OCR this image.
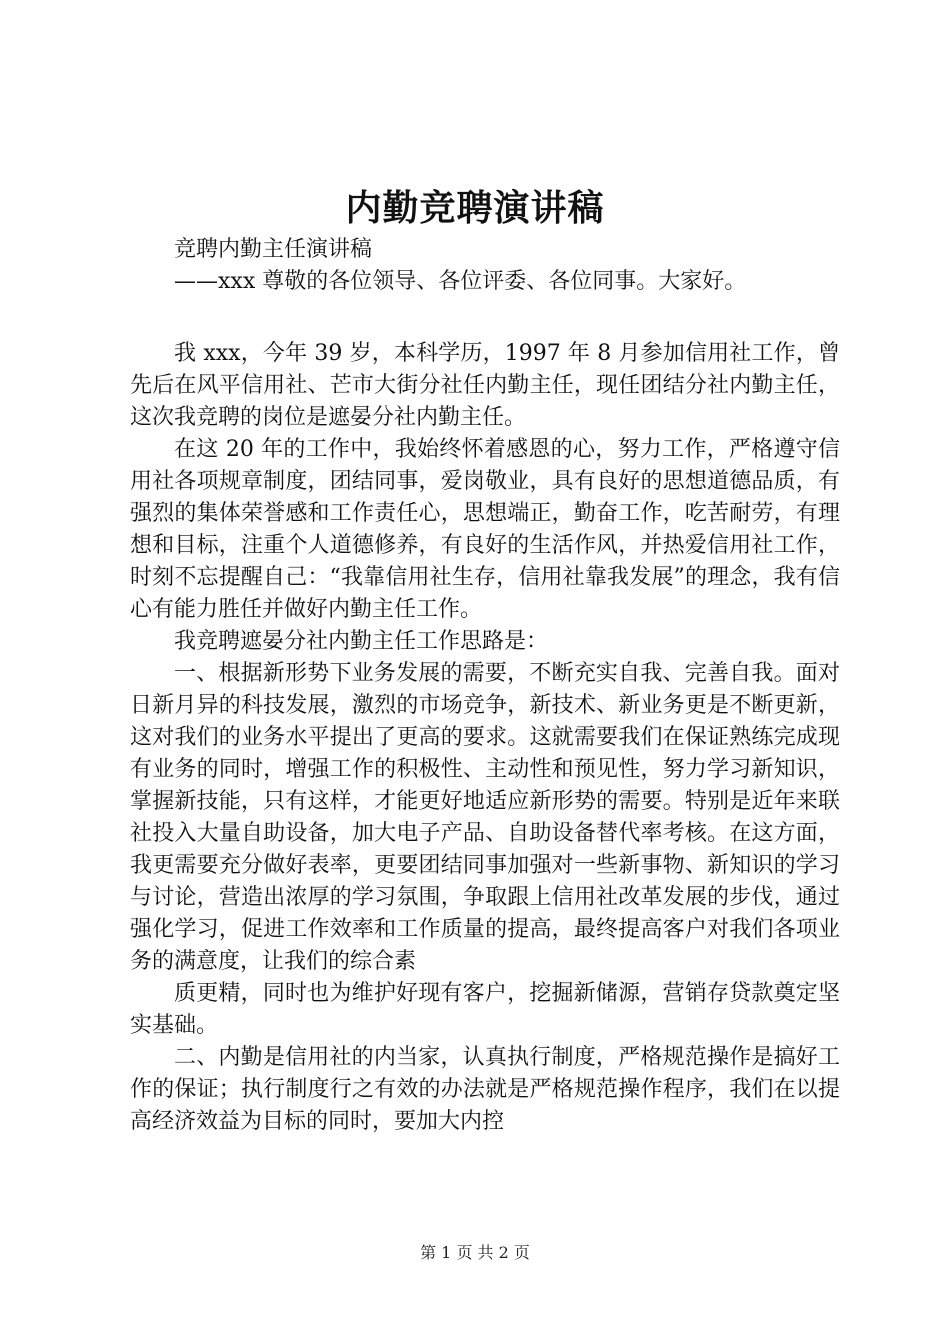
内勤竞聘演讲稿
竞聘内勤主任演讲稿
——xxx 尊敬的各位领导、各位评委、各位同事。大家好。

我 xxx，今年 39 岁，本科学历，1997 年 8 月参加信用社工作，曾先后在风平信用社、芒市大街分社任内勤主任，现任团结分社内勤主任，这次我竞聘的岗位是遮晏分社内勤主任。

在这 20 年的工作中，我始终怀着感恩的心，努力工作，严格遵守信用社各项规章制度，团结同事，爱岗敬业，具有良好的思想道德品质，有强烈的集体荣誉感和工作责任心，思想端正，勤奋工作，吃苦耐劳，有理想和目标，注重个人道德修养，有良好的生活作风，并热爱信用社工作，时刻不忘提醒自己：“我靠信用社生存，信用社靠我发展”的理念，我有信心有能力胜任并做好内勤主任工作。

我竞聘遮晏分社内勤主任工作思路是：

一、根据新形势下业务发展的需要，不断充实自我、完善自我。面对日新月异的科技发展，激烈的市场竞争，新技术、新业务更是不断更新，这对我们的业务水平提出了更高的要求。这就需要我们在保证熟练完成现有业务的同时，增强工作的积极性、主动性和预见性，努力学习新知识，掌握新技能，只有这样，才能更好地适应新形势的需要。特别是近年来联社投入大量自助设备，加大电子产品、自助设备替代率考核。在这方面，我更需要充分做好表率，更要团结同事加强对一些新事物、新知识的学习与讨论，营造出浓厚的学习氛围，争取跟上信用社改革发展的步伐，通过强化学习，促进工作效率和工作质量的提高，最终提高客户对我们各项业务的满意度，让我们的综合素

质更精，同时也为维护好现有客户，挖掘新储源，营销存贷款奠定坚实基础。

二、内勤是信用社的内当家，认真执行制度，严格规范操作是搞好工作的保证；执行制度行之有效的办法就是严格规范操作程序，我们在以提高经济效益为目标的同时，要加大内控

第 1 页 共 2 页
